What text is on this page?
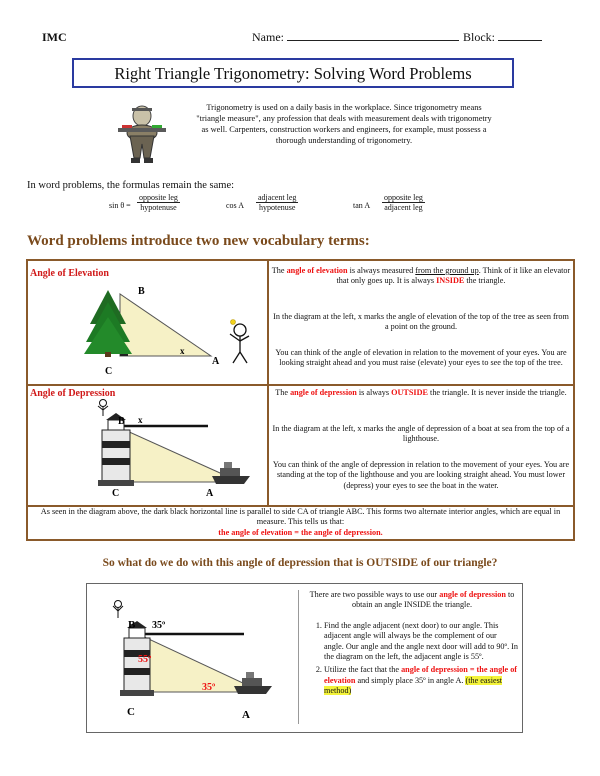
IMC	Name:	Block:
Right Triangle Trigonometry: Solving Word Problems
Trigonometry is used on a daily basis in the workplace. Since trigonometry means "triangle measure", any profession that deals with measurement deals with trigonometry as well. Carpenters, construction workers and engineers, for example, must possess a thorough understanding of trigonometry.
In word problems, the formulas remain the same:
sin θ =
opposite leg
hypotenuse	cos A
adjacent leg
hypotenuse	tan A
opposite leg
adjacent leg
Word problems introduce two new vocabulary terms:
Angle of Elevation
B
C
A
x
The angle of elevation is always measured from the ground up. Think of it like an elevator that only goes up. It is always INSIDE the triangle.
In the diagram at the left, x marks the angle of elevation of the top of the tree as seen from a point on the ground.
You can think of the angle of elevation in relation to the movement of your eyes. You are looking straight ahead and you must raise (elevate) your eyes to see the top of the tree.
Angle of Depression
B
C	A
x
The angle of depression is always OUTSIDE the triangle. It is never inside the triangle.
In the diagram at the left, x marks the angle of depression of a boat at sea from the top of a lighthouse.
You can think of the angle of depression in relation to the movement of your eyes. You are standing at the top of the lighthouse and you are looking straight ahead. You must lower (depress) your eyes to see the boat in the water.
As seen in the diagram above, the dark black horizontal line is parallel to side CA of triangle ABC. This forms two alternate interior angles, which are equal in measure. This tells us that:
the angle of elevation = the angle of depression.
So what do we do with this angle of depression that is OUTSIDE of our triangle?
B
C	A
35º
55º
35º
There are two possible ways to use our angle of depression to obtain an angle INSIDE the triangle.
1. Find the angle adjacent (next door) to our angle. This adjacent angle will always be the complement of our angle. Our angle and the angle next door will add to 90º. In the diagram on the left, the adjacent angle is 55º.
2. Utilize the fact that the angle of depression = the angle of elevation and simply place 35º in angle A. (the easiest method)
